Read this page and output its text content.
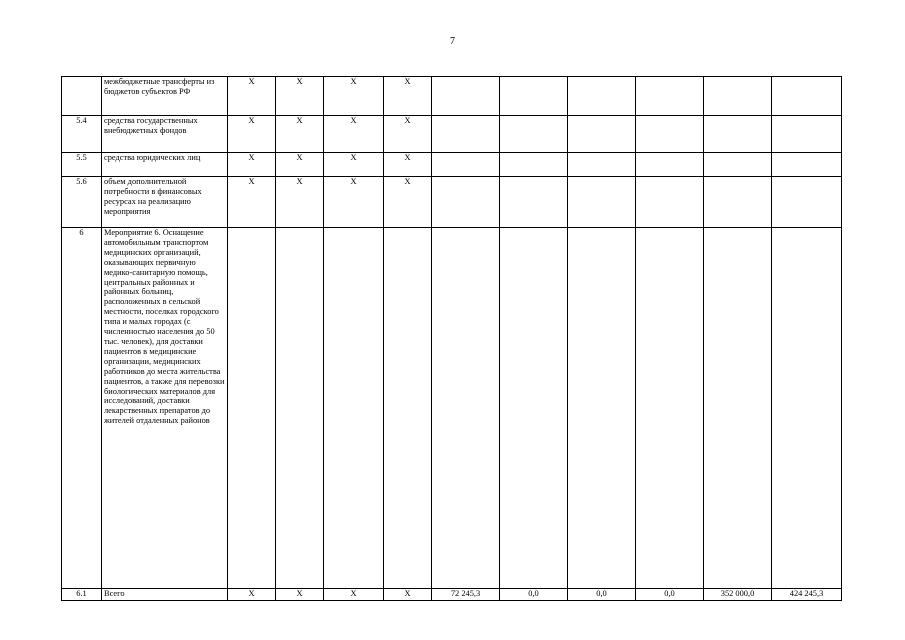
7
	межбюджетные трансферты из бюджетов субъектов РФ	X	X	X	X						
5.4	средства государственных внебюджетных фондов	X	X	X	X						
5.5	средства юридических лиц	X	X	X	X						
5.6	объем дополнительной потребности в финансовых ресурсах на реализацию мероприятия	X	X	X	X						
6	Мероприятие 6. Оснащение автомобильным транспортом медицинских организаций, оказывающих первичную медико-санитарную помощь, центральных районных и районных больниц, расположенных в сельской местности, поселках городского типа и малых городах (с численностью населения до 50 тыс. человек), для доставки пациентов в медицинские организации, медицинских работников до места жительства пациентов, а также для перевозки биологических материалов для исследований, доставки лекарственных препаратов до жителей отдаленных районов										
6.1	Всего	X	X	X	X	72 245,3	0,0	0,0	0,0	352 000,0	424 245,3
